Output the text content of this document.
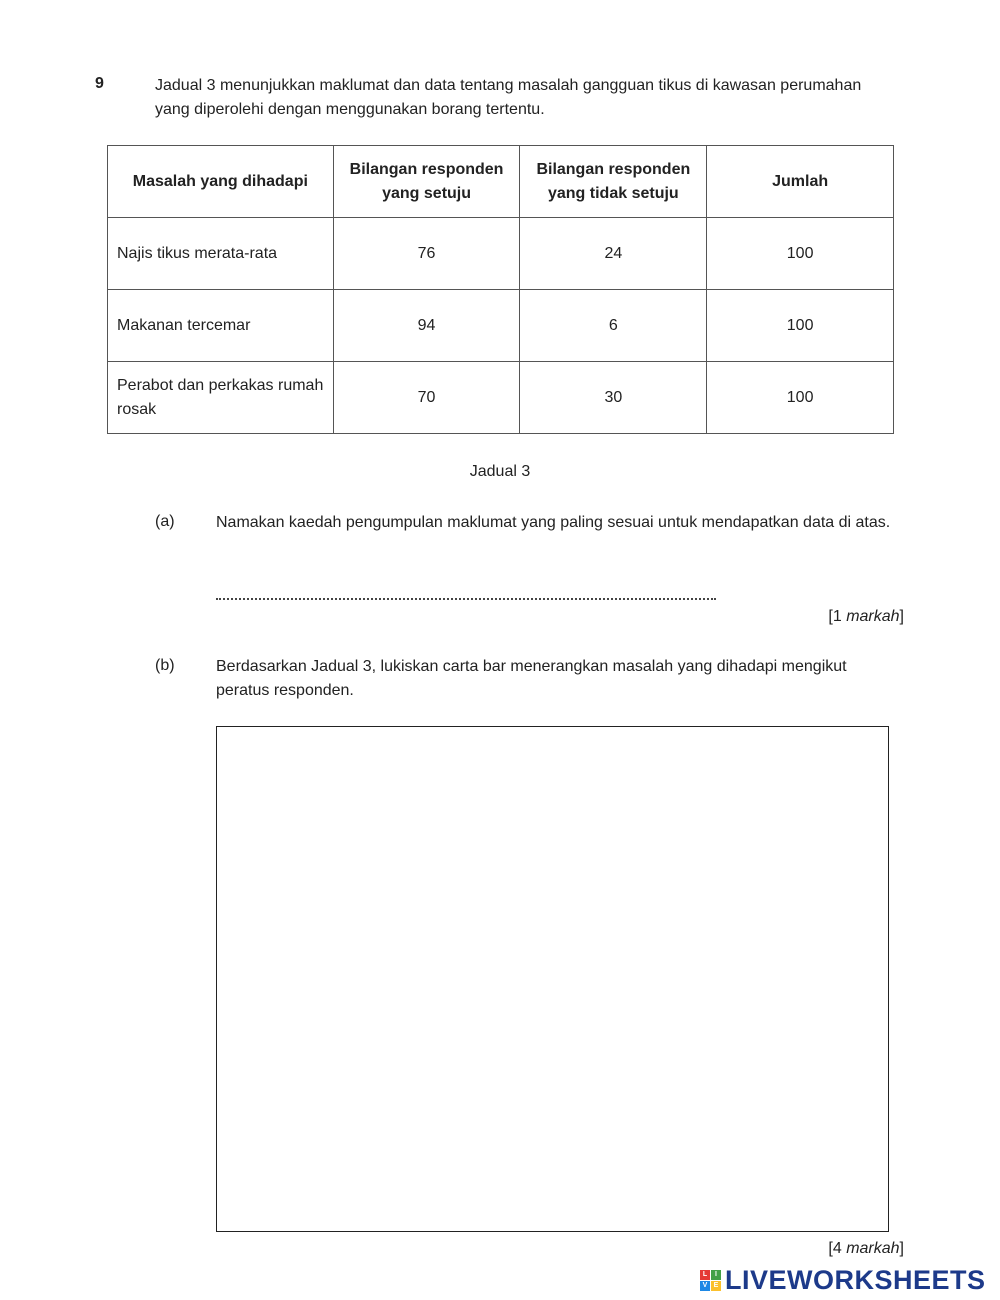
9	Jadual 3 menunjukkan maklumat dan data tentang masalah gangguan tikus di kawasan perumahan yang diperolehi dengan menggunakan borang tertentu.
Masalah yang dihadapi	Bilangan responden yang setuju	Bilangan responden yang tidak setuju	Jumlah
Najis tikus merata-rata	76	24	100
Makanan tercemar	94	6	100
Perabot dan perkakas rumah rosak	70	30	100
Jadual 3
(a)	Namakan kaedah pengumpulan maklumat yang paling sesuai untuk mendapatkan data di atas.
[1 markah]
(b)	Berdasarkan Jadual 3, lukiskan carta bar menerangkan masalah yang dihadapi mengikut peratus responden.
[4 markah]
L	I
V E LIVEWORKSHEETS
